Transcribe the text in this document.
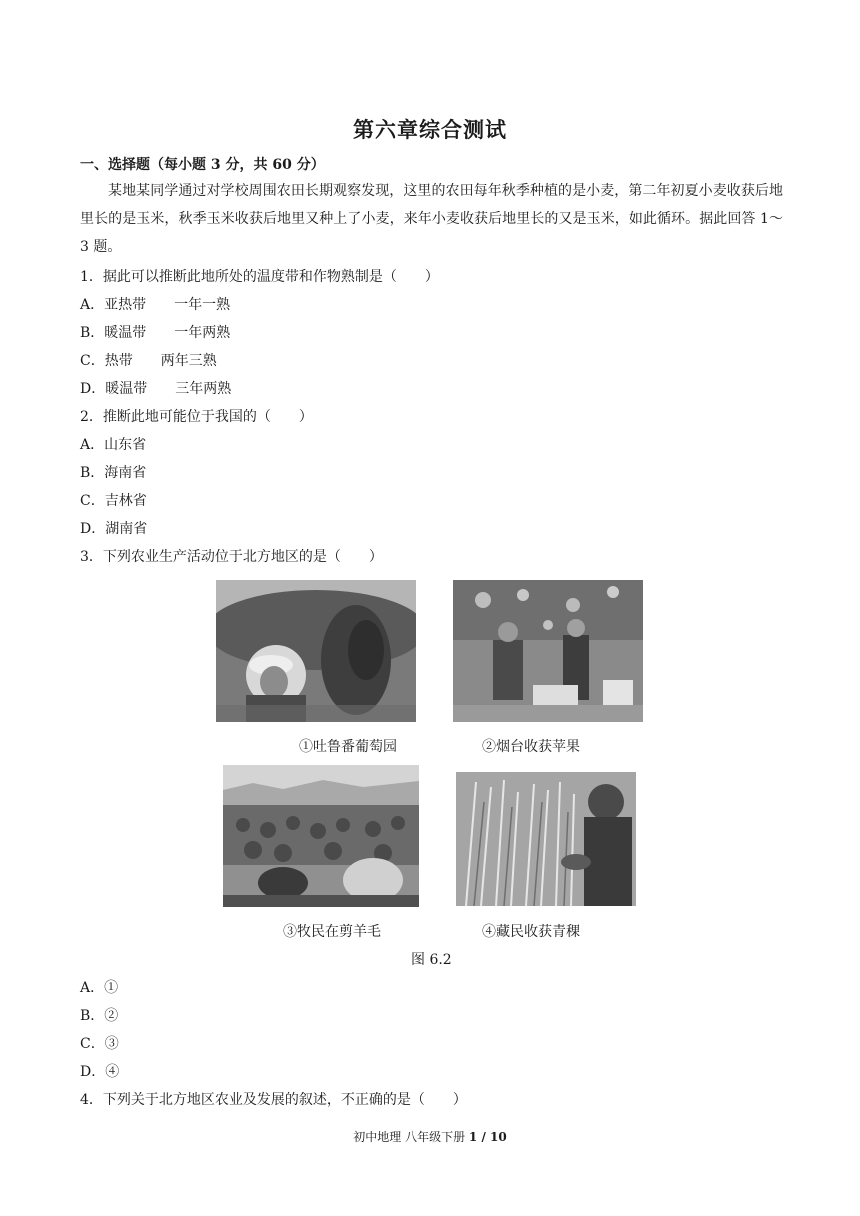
第六章综合测试
一、选择题（每小题 3 分，共 60 分）
某地某同学通过对学校周围农田长期观察发现，这里的农田每年秋季种植的是小麦，第二年初夏小麦收获后地里长的是玉米，秋季玉米收获后地里又种上了小麦，来年小麦收获后地里长的又是玉米，如此循环。据此回答 1～3 题。
1．据此可以推断此地所处的温度带和作物熟制是（　　）
A．亚热带　　一年一熟
B．暖温带　　一年两熟
C．热带　　两年三熟
D．暖温带　　三年两熟
2．推断此地可能位于我国的（　　）
A．山东省
B．海南省
C．吉林省
D．湖南省
3．下列农业生产活动位于北方地区的是（　　）
①吐鲁番葡萄园	②烟台收获苹果
③牧民在剪羊毛	④藏民收获青稞
图 6.2
A．①
B．②
C．③
D．④
4．下列关于北方地区农业及发展的叙述，不正确的是（　　）
初中地理 八年级下册 1 / 10
